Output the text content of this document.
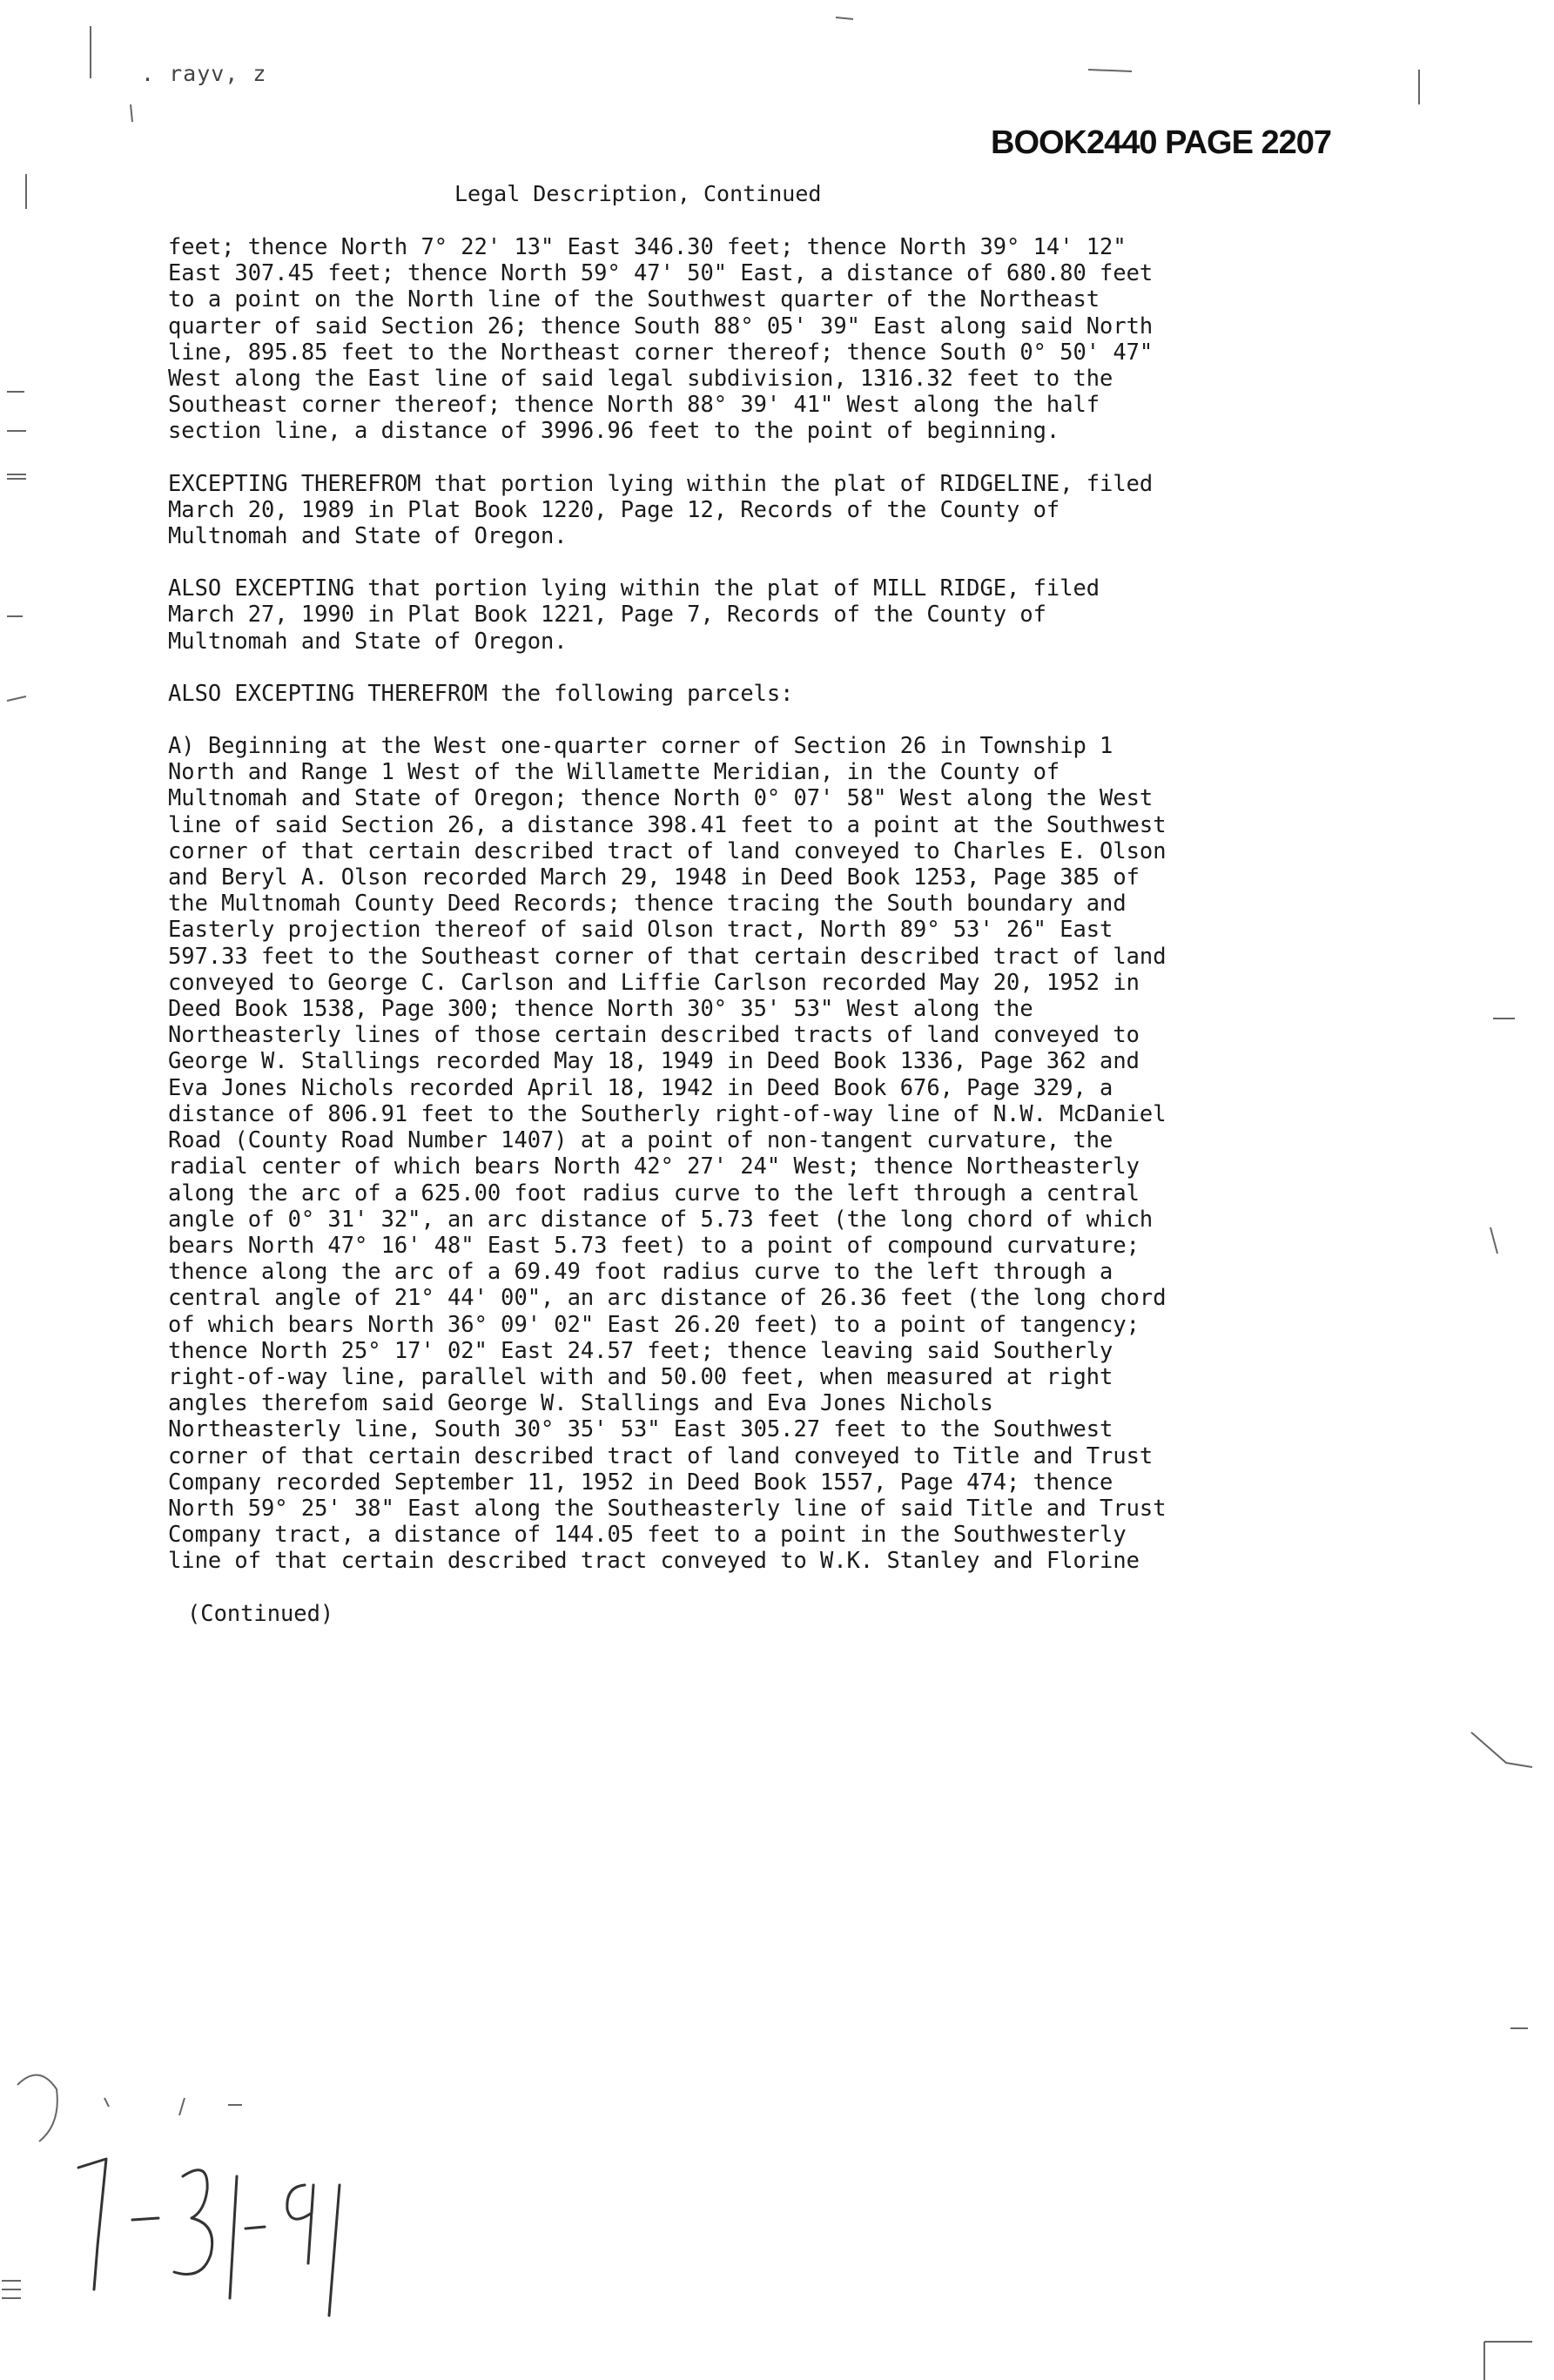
. rayv, z
BOOK2440 PAGE 2207
Legal Description, Continued

feet; thence North 7° 22' 13" East 346.30 feet; thence North 39° 14' 12"
East 307.45 feet; thence North 59° 47' 50" East, a distance of 680.80 feet
to a point on the North line of the Southwest quarter of the Northeast
quarter of said Section 26; thence South 88° 05' 39" East along said North
line, 895.85 feet to the Northeast corner thereof; thence South 0° 50' 47"
West along the East line of said legal subdivision, 1316.32 feet to the
Southeast corner thereof; thence North 88° 39' 41" West along the half
section line, a distance of 3996.96 feet to the point of beginning.

EXCEPTING THEREFROM that portion lying within the plat of RIDGELINE, filed
March 20, 1989 in Plat Book 1220, Page 12, Records of the County of
Multnomah and State of Oregon.

ALSO EXCEPTING that portion lying within the plat of MILL RIDGE, filed
March 27, 1990 in Plat Book 1221, Page 7, Records of the County of
Multnomah and State of Oregon.

ALSO EXCEPTING THEREFROM the following parcels:

A) Beginning at the West one-quarter corner of Section 26 in Township 1
North and Range 1 West of the Willamette Meridian, in the County of
Multnomah and State of Oregon; thence North 0° 07' 58" West along the West
line of said Section 26, a distance 398.41 feet to a point at the Southwest
corner of that certain described tract of land conveyed to Charles E. Olson
and Beryl A. Olson recorded March 29, 1948 in Deed Book 1253, Page 385 of
the Multnomah County Deed Records; thence tracing the South boundary and
Easterly projection thereof of said Olson tract, North 89° 53' 26" East
597.33 feet to the Southeast corner of that certain described tract of land
conveyed to George C. Carlson and Liffie Carlson recorded May 20, 1952 in
Deed Book 1538, Page 300; thence North 30° 35' 53" West along the
Northeasterly lines of those certain described tracts of land conveyed to
George W. Stallings recorded May 18, 1949 in Deed Book 1336, Page 362 and
Eva Jones Nichols recorded April 18, 1942 in Deed Book 676, Page 329, a
distance of 806.91 feet to the Southerly right-of-way line of N.W. McDaniel
Road (County Road Number 1407) at a point of non-tangent curvature, the
radial center of which bears North 42° 27' 24" West; thence Northeasterly
along the arc of a 625.00 foot radius curve to the left through a central
angle of 0° 31' 32", an arc distance of 5.73 feet (the long chord of which
bears North 47° 16' 48" East 5.73 feet) to a point of compound curvature;
thence along the arc of a 69.49 foot radius curve to the left through a
central angle of 21° 44' 00", an arc distance of 26.36 feet (the long chord
of which bears North 36° 09' 02" East 26.20 feet) to a point of tangency;
thence North 25° 17' 02" East 24.57 feet; thence leaving said Southerly
right-of-way line, parallel with and 50.00 feet, when measured at right
angles therefom said George W. Stallings and Eva Jones Nichols
Northeasterly line, South 30° 35' 53" East 305.27 feet to the Southwest
corner of that certain described tract of land conveyed to Title and Trust
Company recorded September 11, 1952 in Deed Book 1557, Page 474; thence
North 59° 25' 38" East along the Southeasterly line of said Title and Trust
Company tract, a distance of 144.05 feet to a point in the Southwesterly
line of that certain described tract conveyed to W.K. Stanley and Florine

(Continued)
